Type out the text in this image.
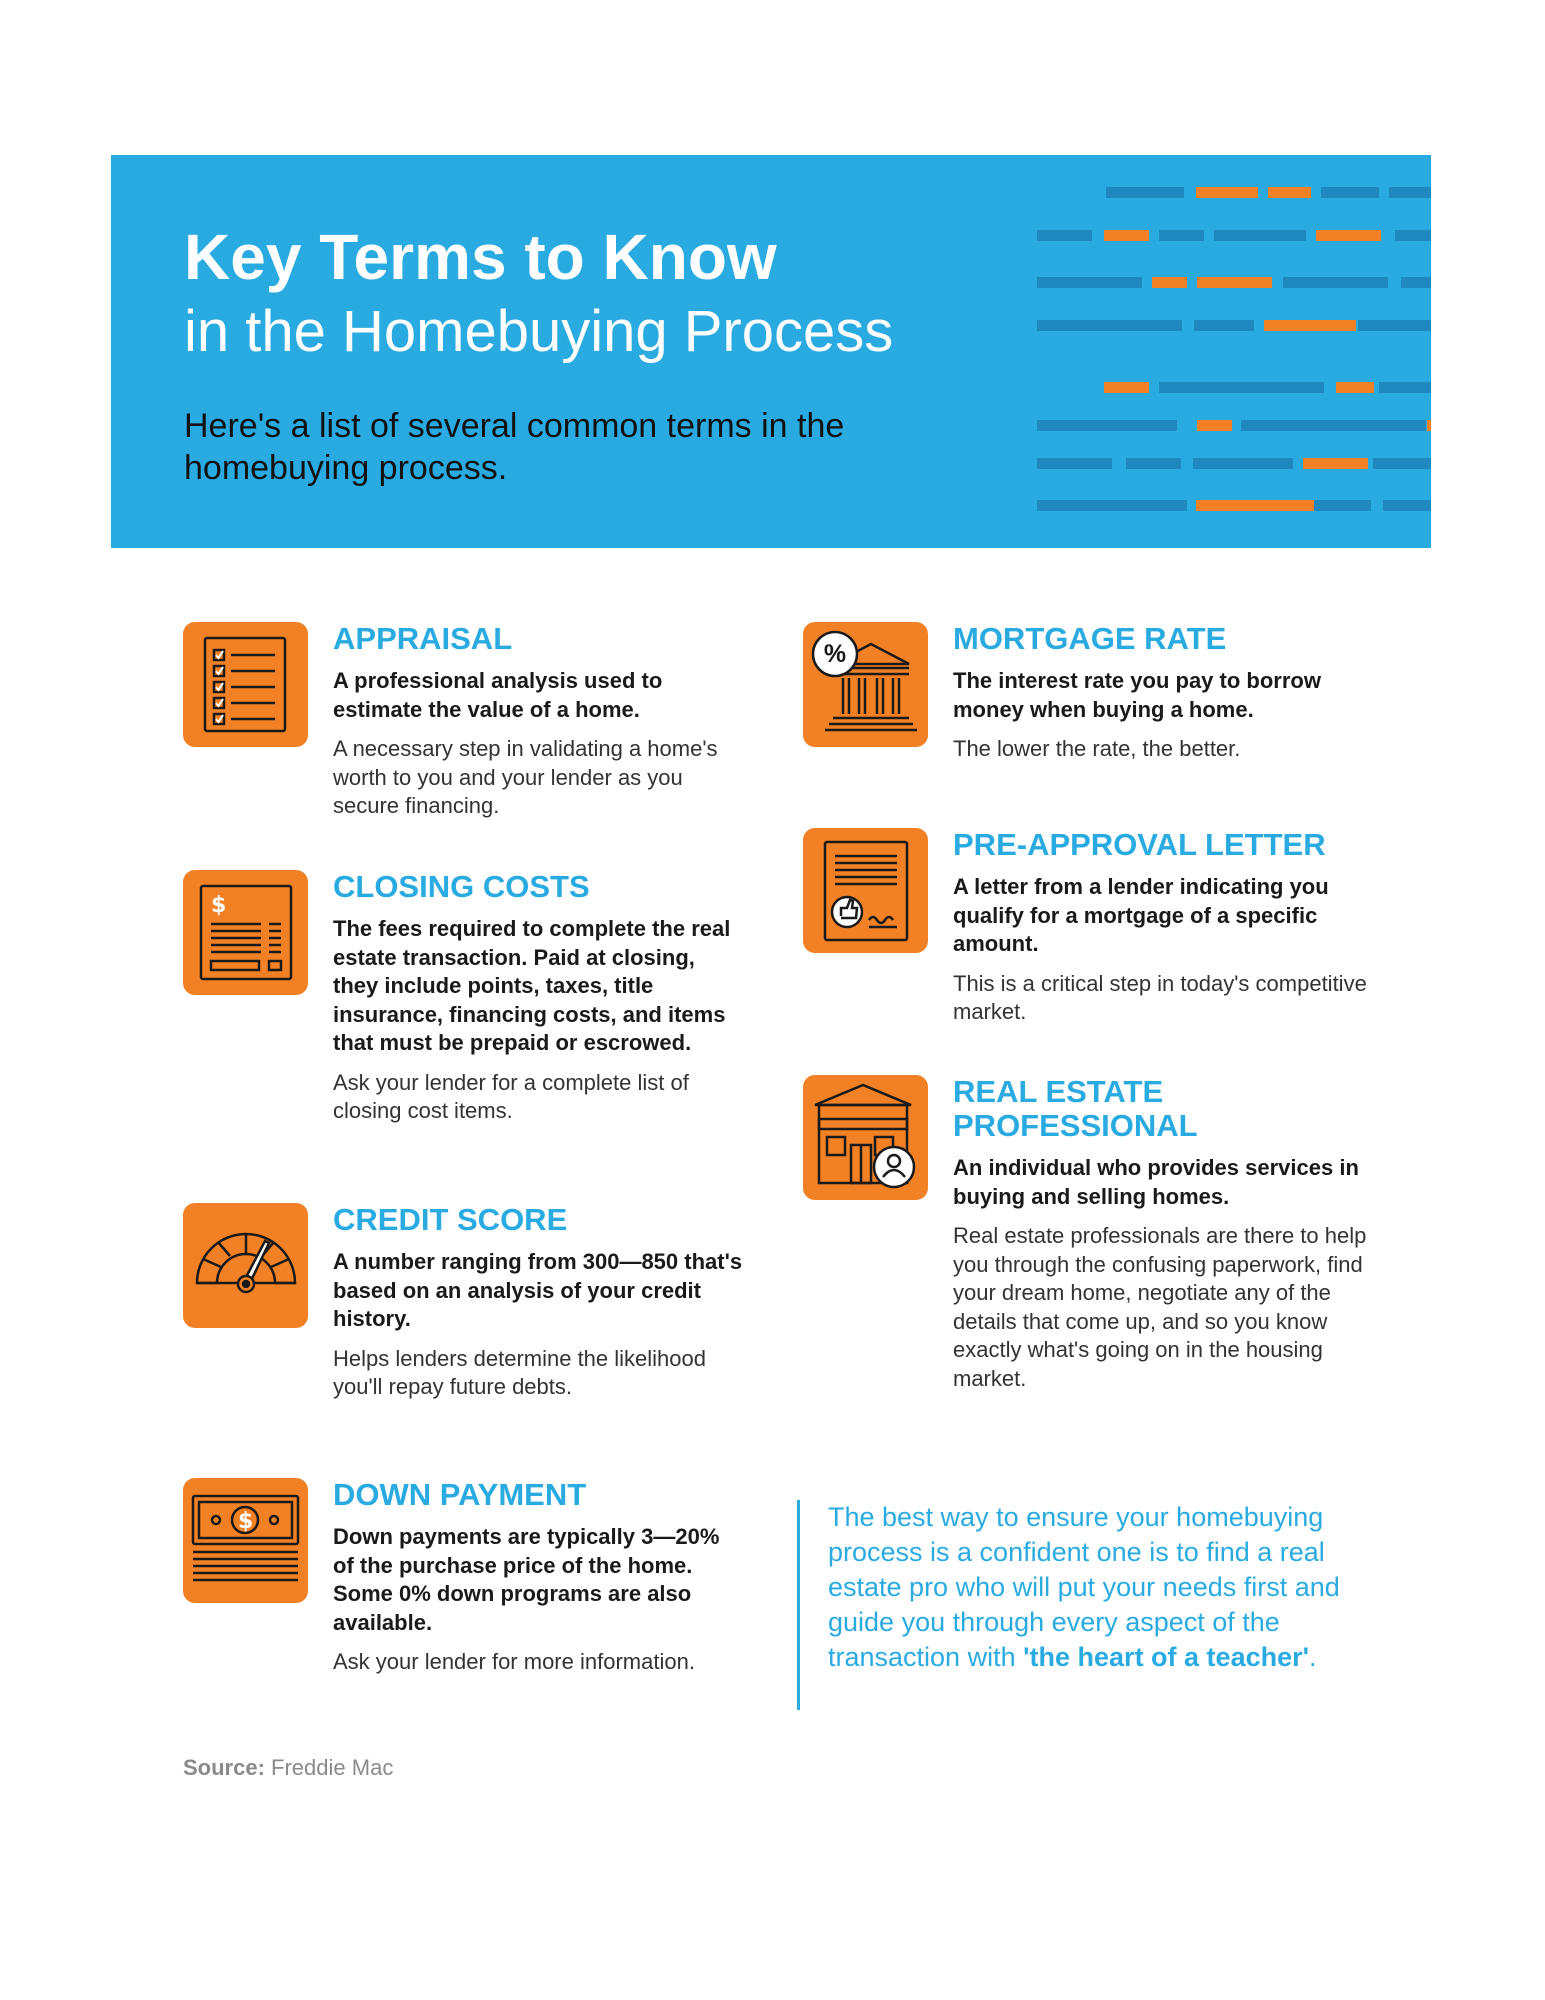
Key Terms to Know
in the Homebuying Process

Here's a list of several common terms in the homebuying process.

APPRAISAL

A professional analysis used to estimate the value of a home.

A necessary step in validating a home's worth to you and your lender as you secure financing.

$
CLOSING COSTS

The fees required to complete the real estate transaction. Paid at closing, they include points, taxes, title insurance, financing costs, and items that must be prepaid or escrowed.

Ask your lender for a complete list of closing cost items.

CREDIT SCORE

A number ranging from 300—850 that's based on an analysis of your credit history.

Helps lenders determine the likelihood you'll repay future debts.

$
DOWN PAYMENT

Down payments are typically 3—20% of the purchase price of the home. Some 0% down programs are also available.

Ask your lender for more information.

%	MORTGAGE RATE

The interest rate you pay to borrow money when buying a home.

The lower the rate, the better.

PRE-APPROVAL LETTER

A letter from a lender indicating you qualify for a mortgage of a specific amount.

This is a critical step in today's competitive market.

REAL ESTATE PROFESSIONAL

An individual who provides services in buying and selling homes.

Real estate professionals are there to help you through the confusing paperwork, find your dream home, negotiate any of the details that come up, and so you know exactly what's going on in the housing market.

The best way to ensure your homebuying process is a confident one is to find a real estate pro who will put your needs first and guide you through every aspect of the transaction with 'the heart of a teacher'.

Source: Freddie Mac
